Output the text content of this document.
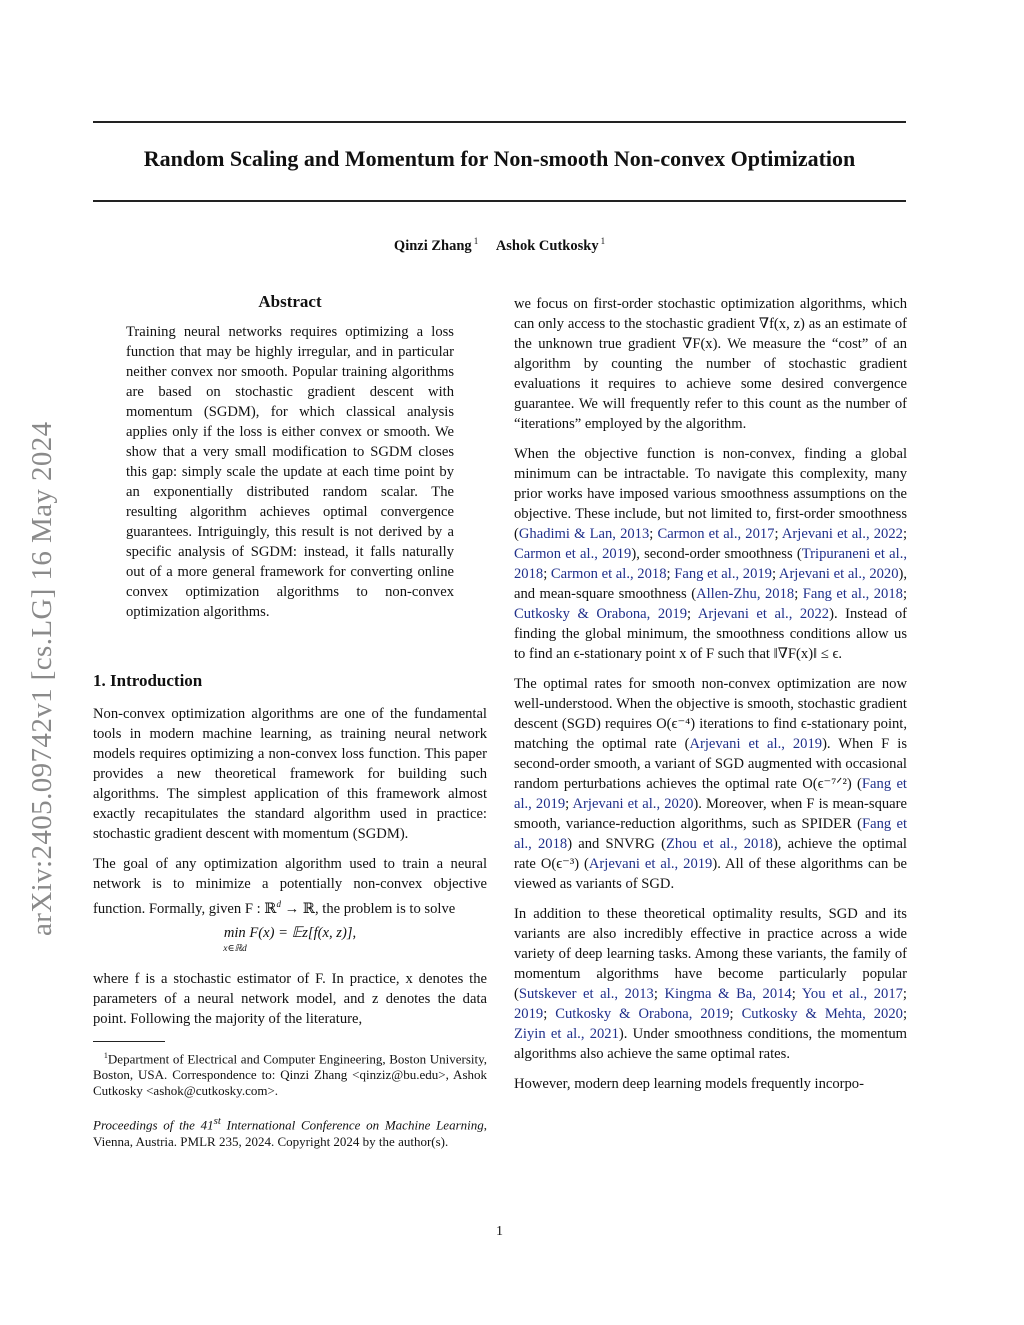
arXiv:2405.09742v1 [cs.LG] 16 May 2024
Random Scaling and Momentum for Non-smooth Non-convex Optimization
Qinzi Zhang $^1$ Ashok Cutkosky $^1$
Abstract

Training neural networks requires optimizing a loss function that may be highly irregular, and in particular neither convex nor smooth. Popular training algorithms are based on stochastic gradient descent with momentum (SGDM), for which classical analysis applies only if the loss is either convex or smooth. We show that a very small modification to SGDM closes this gap: simply scale the update at each time point by an exponentially distributed random scalar. The resulting algorithm achieves optimal convergence guarantees. Intriguingly, this result is not derived by a specific analysis of SGDM: instead, it falls naturally out of a more general framework for converting online convex optimization algorithms to non-convex optimization algorithms.

1. Introduction

Non-convex optimization algorithms are one of the fundamental tools in modern machine learning, as training neural network models requires optimizing a non-convex loss function. This paper provides a new theoretical framework for building such algorithms. The simplest application of this framework almost exactly recapitulates the standard algorithm used in practice: stochastic gradient descent with momentum (SGDM).

The goal of any optimization algorithm used to train a neural network is to minimize a potentially non-convex objective function. Formally, given F : ℝ$^d$ → ℝ, the problem is to solve

min F(x) = 𝔼z[f(x, z)],
x∈ℝd

where f is a stochastic estimator of F. In practice, x denotes the parameters of a neural network model, and z denotes the data point. Following the majority of the literature,

$^1$Department of Electrical and Computer Engineering, Boston University, Boston, USA. Correspondence to: Qinzi Zhang <qinziz@bu.edu>, Ashok Cutkosky <ashok@cutkosky.com>.
Proceedings of the 41st International Conference on Machine Learning, Vienna, Austria. PMLR 235, 2024. Copyright 2024 by the author(s).

we focus on first-order stochastic optimization algorithms, which can only access to the stochastic gradient ∇f(x, z) as an estimate of the unknown true gradient ∇F(x). We measure the “cost” of an algorithm by counting the number of stochastic gradient evaluations it requires to achieve some desired convergence guarantee. We will frequently refer to this count as the number of “iterations” employed by the algorithm.

When the objective function is non-convex, finding a global minimum can be intractable. To navigate this complexity, many prior works have imposed various smoothness assumptions on the objective. These include, but not limited to, first-order smoothness (Ghadimi & Lan, 2013; Carmon et al., 2017; Arjevani et al., 2022; Carmon et al., 2019), second-order smoothness (Tripuraneni et al., 2018; Carmon et al., 2018; Fang et al., 2019; Arjevani et al., 2020), and mean-square smoothness (Allen-Zhu, 2018; Fang et al., 2018; Cutkosky & Orabona, 2019; Arjevani et al., 2022). Instead of finding the global minimum, the smoothness conditions allow us to find an ϵ-stationary point x of F such that ‖∇F(x)‖ ≤ ϵ.

The optimal rates for smooth non-convex optimization are now well-understood. When the objective is smooth, stochastic gradient descent (SGD) requires O(ϵ⁻⁴) iterations to find ϵ-stationary point, matching the optimal rate (Arjevani et al., 2019). When F is second-order smooth, a variant of SGD augmented with occasional random perturbations achieves the optimal rate O(ϵ⁻⁷ᐟ²) (Fang et al., 2019; Arjevani et al., 2020). Moreover, when F is mean-square smooth, variance-reduction algorithms, such as SPIDER (Fang et al., 2018) and SNVRG (Zhou et al., 2018), achieve the optimal rate O(ϵ⁻³) (Arjevani et al., 2019). All of these algorithms can be viewed as variants of SGD.

In addition to these theoretical optimality results, SGD and its variants are also incredibly effective in practice across a wide variety of deep learning tasks. Among these variants, the family of momentum algorithms have become particularly popular (Sutskever et al., 2013; Kingma & Ba, 2014; You et al., 2017; 2019; Cutkosky & Orabona, 2019; Cutkosky & Mehta, 2020; Ziyin et al., 2021). Under smoothness conditions, the momentum algorithms also achieve the same optimal rates.

However, modern deep learning models frequently incorpo-

1
